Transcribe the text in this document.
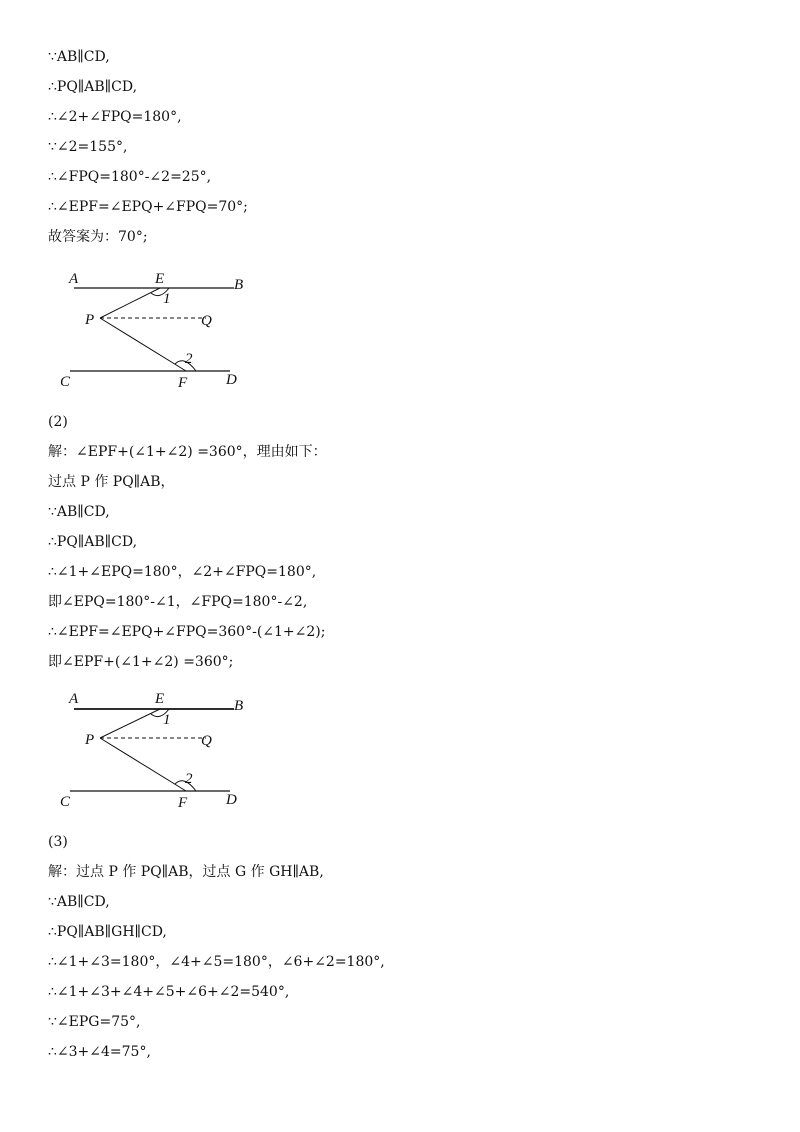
∵AB∥CD,
∴PQ∥AB∥CD,
∴∠2+∠FPQ=180°,
∵∠2=155°,
∴∠FPQ=180°-∠2=25°,
∴∠EPF=∠EPQ+∠FPQ=70°;
故答案为：70°;
A	E	B
P	Q
C	F	D
1
2
(2)
解：∠EPF+(∠1+∠2) =360°，理由如下：
过点 P 作 PQ∥AB，
∵AB∥CD,
∴PQ∥AB∥CD,
∴∠1+∠EPQ=180°，∠2+∠FPQ=180°,
即∠EPQ=180°-∠1，∠FPQ=180°-∠2,
∴∠EPF=∠EPQ+∠FPQ=360°-(∠1+∠2);
即∠EPF+(∠1+∠2) =360°;
A	E	B
P	Q
C	F	D
1
2
(3)
解：过点 P 作 PQ∥AB，过点 G 作 GH∥AB,
∵AB∥CD,
∴PQ∥AB∥GH∥CD,
∴∠1+∠3=180°，∠4+∠5=180°，∠6+∠2=180°,
∴∠1+∠3+∠4+∠5+∠6+∠2=540°,
∵∠EPG=75°,
∴∠3+∠4=75°,
